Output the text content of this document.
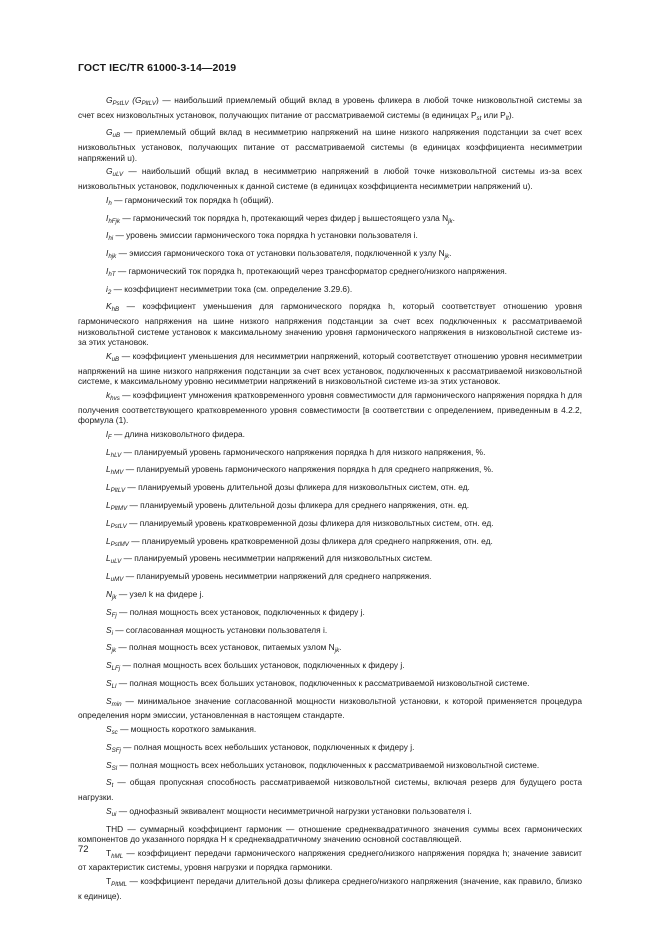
ГОСТ IEC/TR 61000-3-14—2019

$G_{PstLV}$ $(G_{PltLV})$ — наибольший приемлемый общий вклад в уровень фликера в любой точке низковольтной системы за счет всех низковольтных установок, получающих питание от рассматриваемой системы (в единицах $P_{st}$ или $P_{lt}$).

$G_{uB}$ — приемлемый общий вклад в несимметрию напряжений на шине низкого напряжения подстанции за счет всех низковольтных установок, получающих питание от рассматриваемой системы (в единицах коэффициента несимметрии напряжений u).

$G_{uLV}$ — наибольший общий вклад в несимметрию напряжений в любой точке низковольтной системы из-за всех низковольтных установок, подключенных к данной системе (в единицах коэффициента несимметрии напряжений u).

$I_h$ — гармонический ток порядка h (общий).

$I_{hFjk}$ — гармонический ток порядка h, протекающий через фидер j вышестоящего узла $N_{jk}$.

$I_{hi}$ — уровень эмиссии гармонического тока порядка h установки пользователя i.

$I_{hjk}$ — эмиссия гармонического тока от установки пользователя, подключенной к узлу $N_{jk}$.

$I_{hT}$ — гармонический ток порядка h, протекающий через трансформатор среднего/низкого напряжения.

$i_2$ — коэффициент несимметрии тока (см. определение 3.29.6).

$K_{hB}$ — коэффициент уменьшения для гармонического порядка h, который соответствует отношению уровня гармонического напряжения на шине низкого напряжения подстанции за счет всех подключенных к рассматриваемой низковольтной системе установок к максимальному значению уровня гармонического напряжения в низковольтной системе из-за этих установок.

$K_{uB}$ — коэффициент уменьшения для несимметрии напряжений, который соответствует отношению уровня несимметрии напряжений на шине низкого напряжения подстанции за счет всех установок, подключенных к рассматриваемой низковольтной системе, к максимальному уровню несимметрии напряжений в низковольтной системе из-за этих установок.

$k_{hvs}$ — коэффициент умножения кратковременного уровня совместимости для гармонического напряжения порядка h для получения соответствующего кратковременного уровня совместимости [в соответствии с определением, приведенным в 4.2.2, формула (1).

$l_F$ — длина низковольтного фидера.

$L_{hLV}$ — планируемый уровень гармонического напряжения порядка h для низкого напряжения, %.

$L_{hMV}$ — планируемый уровень гармонического напряжения порядка h для среднего напряжения, %.

$L_{PltLV}$ — планируемый уровень длительной дозы фликера для низковольтных систем, отн. ед.

$L_{PltMV}$ — планируемый уровень длительной дозы фликера для среднего напряжения, отн. ед.

$L_{PstLV}$ — планируемый уровень кратковременной дозы фликера для низковольтных систем, отн. ед.

$L_{PstMV}$ — планируемый уровень кратковременной дозы фликера для среднего напряжения, отн. ед.

$L_{uLV}$ — планируемый уровень несимметрии напряжений для низковольтных систем.

$L_{uMV}$ — планируемый уровень несимметрии напряжений для среднего напряжения.

$N_{jk}$ — узел k на фидере j.

$S_{Fj}$ — полная мощность всех установок, подключенных к фидеру j.

$S_i$ — согласованная мощность установки пользователя i.

$S_{jk}$ — полная мощность всех установок, питаемых узлом $N_{jk}$.

$S_{LFj}$ — полная мощность всех больших установок, подключенных к фидеру j.

$S_{Ll}$ — полная мощность всех больших установок, подключенных к рассматриваемой низковольтной системе.

$S_{min}$ — минимальное значение согласованной мощности низковольтной установки, к которой применяется процедура определения норм эмиссии, установленная в настоящем стандарте.

$S_{sc}$ — мощность короткого замыкания.

$S_{SFj}$ — полная мощность всех небольших установок, подключенных к фидеру j.

$S_{Sl}$ — полная мощность всех небольших установок, подключенных к рассматриваемой низковольтной системе.

$S_t$ — общая пропускная способность рассматриваемой низковольтной системы, включая резерв для будущего роста нагрузки.

$S_{ui}$ — однофазный эквивалент мощности несимметричной нагрузки установки пользователя i.

THD — суммарный коэффициент гармоник — отношение среднеквадратичного значения суммы всех гармонических компонентов до указанного порядка H к среднеквадратичному значению основной составляющей.

$T_{hML}$ — коэффициент передачи гармонического напряжения среднего/низкого напряжения порядка h; значение зависит от характеристик системы, уровня нагрузки и порядка гармоники.

$T_{PltML}$ — коэффициент передачи длительной дозы фликера среднего/низкого напряжения (значение, как правило, близко к единице).

72
